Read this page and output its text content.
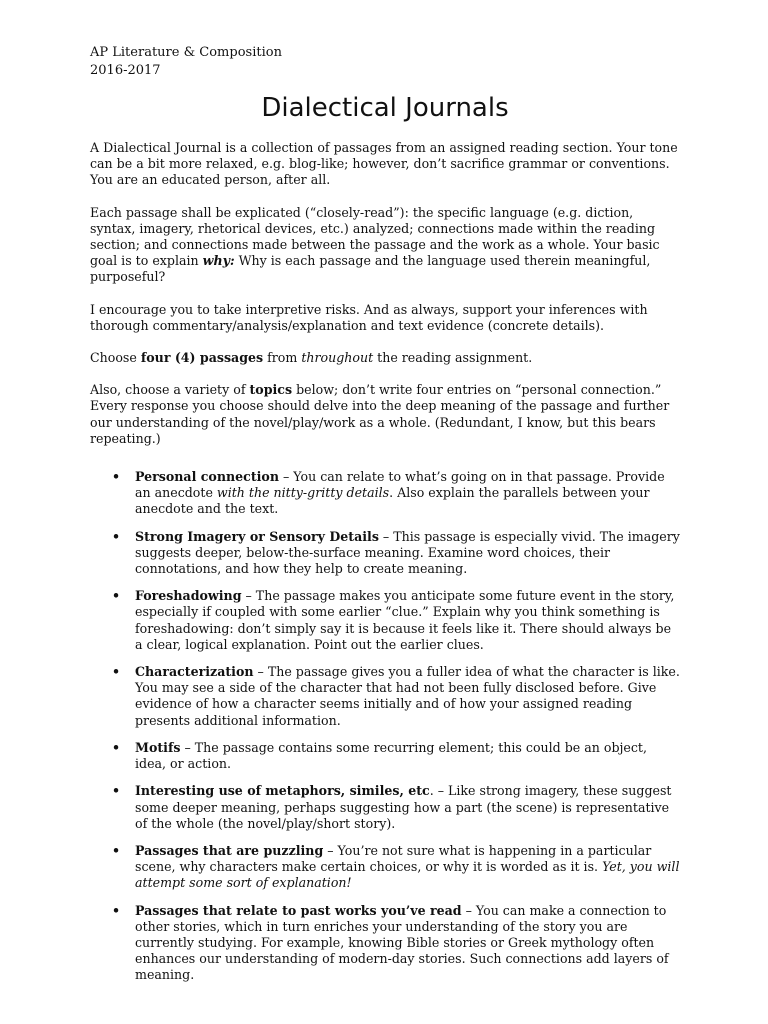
AP Literature & Composition

2016-2017

Dialectical Journals

A Dialectical Journal is a collection of passages from an assigned reading section. Your tone can be a bit more relaxed, e.g. blog-like; however, don’t sacrifice grammar or conventions. You are an educated person, after all.

Each passage shall be explicated (“closely-read”): the specific language (e.g. diction, syntax, imagery, rhetorical devices, etc.) analyzed; connections made within the reading section; and connections made between the passage and the work as a whole. Your basic goal is to explain why: Why is each passage and the language used therein meaningful, purposeful?

I encourage you to take interpretive risks. And as always, support your inferences with thorough commentary/analysis/explanation and text evidence (concrete details).

Choose four (4) passages from throughout the reading assignment.

Also, choose a variety of topics below; don’t write four entries on “personal connection.” Every response you choose should delve into the deep meaning of the passage and further our understanding of the novel/play/work as a whole. (Redundant, I know, but this bears repeating.)

• Personal connection – You can relate to what’s going on in that passage. Provide an anecdote with the nitty-gritty details. Also explain the parallels between your anecdote and the text.
• Strong Imagery or Sensory Details – This passage is especially vivid. The imagery suggests deeper, below-the-surface meaning. Examine word choices, their connotations, and how they help to create meaning.
• Foreshadowing – The passage makes you anticipate some future event in the story, especially if coupled with some earlier “clue.” Explain why you think something is foreshadowing: don’t simply say it is because it feels like it. There should always be a clear, logical explanation. Point out the earlier clues.
• Characterization – The passage gives you a fuller idea of what the character is like. You may see a side of the character that had not been fully disclosed before. Give evidence of how a character seems initially and of how your assigned reading presents additional information.
• Motifs – The passage contains some recurring element; this could be an object, idea, or action.
• Interesting use of metaphors, similes, etc. – Like strong imagery, these suggest some deeper meaning, perhaps suggesting how a part (the scene) is representative of the whole (the novel/play/short story).
• Passages that are puzzling – You’re not sure what is happening in a particular scene, why characters make certain choices, or why it is worded as it is. Yet, you will attempt some sort of explanation!
• Passages that relate to past works you’ve read – You can make a connection to other stories, which in turn enriches your understanding of the story you are currently studying. For example, knowing Bible stories or Greek mythology often enhances our understanding of modern-day stories. Such connections add layers of meaning.
